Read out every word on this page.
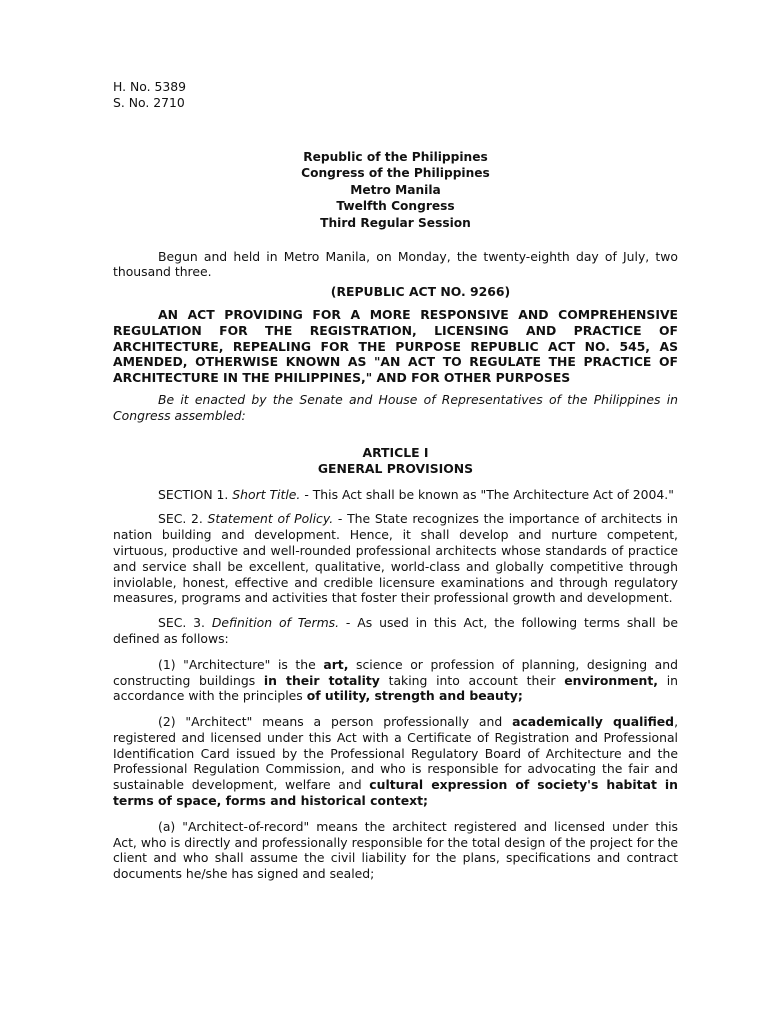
H. No. 5389
S. No. 2710
Republic of the Philippines
Congress of the Philippines
Metro Manila
Twelfth Congress
Third Regular Session

Begun and held in Metro Manila, on Monday, the twenty-eighth day of July, two thousand three.

(REPUBLIC ACT NO. 9266)

AN ACT PROVIDING FOR A MORE RESPONSIVE AND COMPREHENSIVE REGULATION FOR THE REGISTRATION, LICENSING AND PRACTICE OF ARCHITECTURE, REPEALING FOR THE PURPOSE REPUBLIC ACT NO. 545, AS AMENDED, OTHERWISE KNOWN AS "AN ACT TO REGULATE THE PRACTICE OF ARCHITECTURE IN THE PHILIPPINES," AND FOR OTHER PURPOSES

Be it enacted by the Senate and House of Representatives of the Philippines in Congress assembled:

ARTICLE I
GENERAL PROVISIONS

SECTION 1. Short Title. - This Act shall be known as "The Architecture Act of 2004."

SEC. 2. Statement of Policy. - The State recognizes the importance of architects in nation building and development. Hence, it shall develop and nurture competent, virtuous, productive and well-rounded professional architects whose standards of practice and service shall be excellent, qualitative, world-class and globally competitive through inviolable, honest, effective and credible licensure examinations and through regulatory measures, programs and activities that foster their professional growth and development.

SEC. 3. Definition of Terms. - As used in this Act, the following terms shall be defined as follows:

(1) "Architecture" is the art, science or profession of planning, designing and constructing buildings in their totality taking into account their environment, in accordance with the principles of utility, strength and beauty;

(2) "Architect" means a person professionally and academically qualified, registered and licensed under this Act with a Certificate of Registration and Professional Identification Card issued by the Professional Regulatory Board of Architecture and the Professional Regulation Commission, and who is responsible for advocating the fair and sustainable development, welfare and cultural expression of society's habitat in terms of space, forms and historical context;

(a) "Architect-of-record" means the architect registered and licensed under this Act, who is directly and professionally responsible for the total design of the project for the client and who shall assume the civil liability for the plans, specifications and contract documents he/she has signed and sealed;
